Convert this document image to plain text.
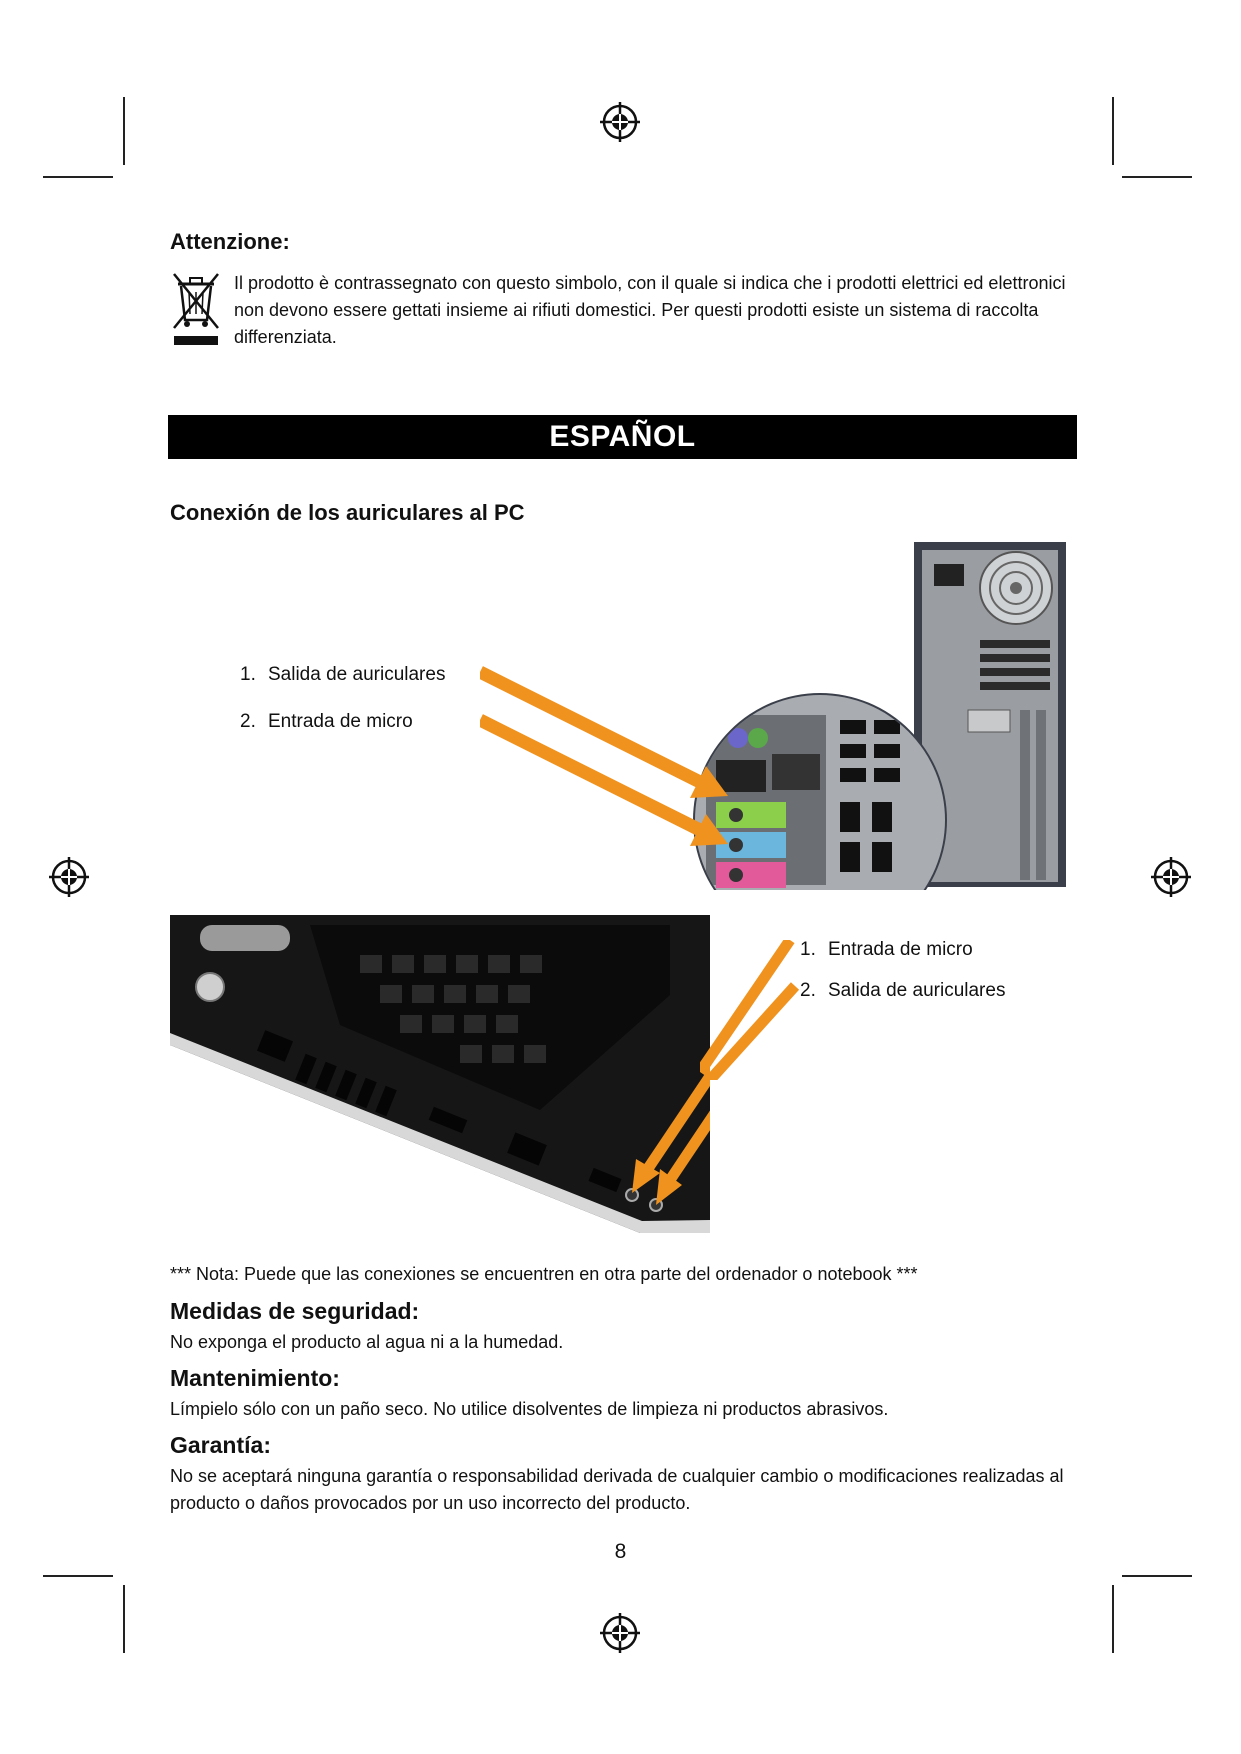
Attenzione:

Il prodotto è contrassegnato con questo simbolo, con il quale si indica che i prodotti elettrici ed elettronici non devono essere gettati insieme ai rifiuti domestici. Per questi prodotti esiste un sistema di raccolta differenziata.

ESPAÑOL
Conexión de los auriculares al PC
1. Salida de auriculares
2. Entrada de micro
1. Entrada de micro
2. Salida de auriculares

*** Nota: Puede que las conexiones se encuentren en otra parte del ordenador o notebook ***

Medidas de seguridad:

No exponga el producto al agua ni a la humedad.

Mantenimiento:

Límpielo sólo con un paño seco. No utilice disolventes de limpieza ni productos abrasivos.

Garantía:

No se aceptará ninguna garantía o responsabilidad derivada de cualquier cambio o modificaciones realizadas al producto o daños provocados por un uso incorrecto del producto.

8
